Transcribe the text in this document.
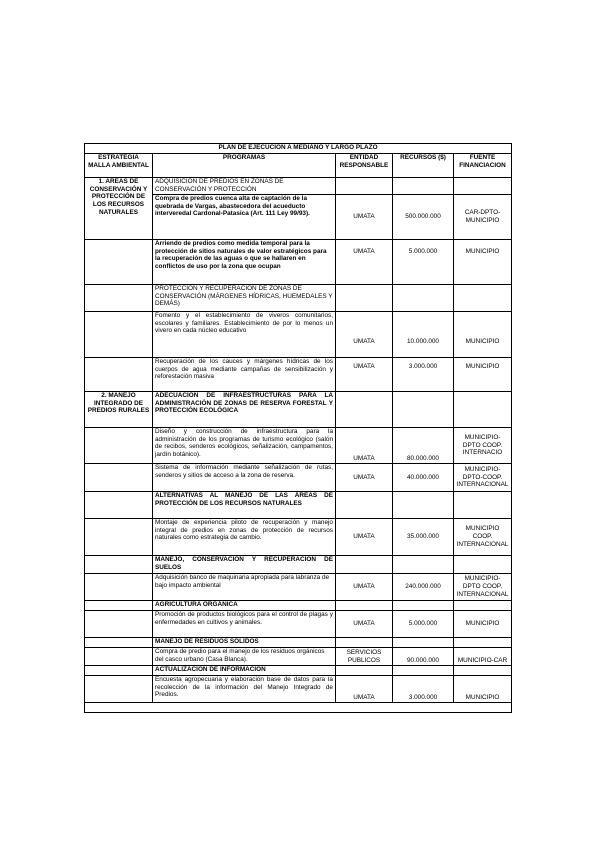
PLAN DE EJECUCION A MEDIANO Y LARGO PLAZO				
ESTRATEGIA MALLA AMBIENTAL	PROGRAMAS	ENTIDAD RESPONSABLE	RECURSOS ($)	FUENTE FINANCIACION
1. AREAS DE CONSERVACIÓN Y PROTECCIÓN DE LOS RECURSOS NATURALES	ADQUISICIÓN DE PREDIOS EN ZONAS DE CONSERVACIÓN Y PROTECCIÓN			
	Compra de predios cuenca alta de captación de la quebrada de Vargas, abastecedora del acueducto interveredal Cardonal-Patasica (Art. 111 Ley 99/93).	UMATA	500.000.000	CAR-DPTO-MUNICIPIO
	Arriendo de predios como medida temporal para la protección de sitios naturales de valor estratégicos para la recuperación de las aguas o que se hallaren en conflictos de uso por la zona que ocupan	UMATA	5.000.000	MUNICIPIO
	PROTECCIÓN Y RECUPERACIÓN DE ZONAS DE CONSERVACIÓN (MÁRGENES HÍDRICAS, HUEMEDALES Y DEMÁS)			
	Fomento y el establecimiento de viveros comunitarios, escolares y familiares. Establecimiento de por lo menos un vivero en cada núcleo educativo	UMATA	10.000.000	MUNICIPIO
	Recuperación de los cauces y márgenes hídricas de los cuerpos de agua mediante campañas de sensibilización y reforestación masiva	UMATA	3.000.000	MUNICIPIO
2. MANEJO INTEGRADO DE PREDIOS RURALES	ADECUACIÓN DE INFRAESTRUCTURAS PARA LA ADMINISTRACIÓN DE ZONAS DE RESERVA FORESTAL Y PROTECCIÓN ECOLÓGICA			
	Diseño y construcción de infraestructura para la administración de los programas de turismo ecológico (salón de recibos, senderos ecológicos, señalización, campamentos, jardín botánico).	UMATA	80.000.000	MUNICIPIO-DPTO COOP. INTERNACIO
	Sistema de información mediante señalización de rutas, senderos y sitios de acceso a la zona de reserva.	UMATA	40.000.000	MUNICIPIO-DPTO-COOP. INTERNACIONAL
	ALTERNATIVAS AL MANEJO DE LAS ÁREAS DE PROTECCIÓN DE LOS RECURSOS NATURALES			
	Montaje de experiencia piloto de recuperación y manejo integral de predios en zonas de protección de recursos naturales como estrategia de cambio.	UMATA	35.000.000	MUNICIPIO COOP. INTERNACIONAL
	MANEJO, CONSERVACIÓN Y RECUPERACIÓN DE SUELOS			
	Adquisición banco de maquinaria apropiada para labranza de bajo impacto ambiental	UMATA	240.000.000	MUNICIPIO-DPTO COOP. INTERNACIONAL
	AGRICULTURA ORGÁNICA			
	Promoción de productos biológicos para el control de plagas y enfermedades en cultivos y animales.	UMATA	5.000.000	MUNICIPIO
	MANEJO DE RESIDUOS SÓLIDOS			
	Compra de predio para el manejo de los residuos orgánicos del casco urbano (Casa Blanca).	SERVICIOS PUBLICOS	90.000.000	MUNICIPIO-CAR
	ACTUALIZACIÓN DE INFORMACIÓN			
	Encuesta agropecuaria y elaboración base de datos para la recolección de la información del Manejo Integrado de Predios.	UMATA	3.000.000	MUNICIPIO
